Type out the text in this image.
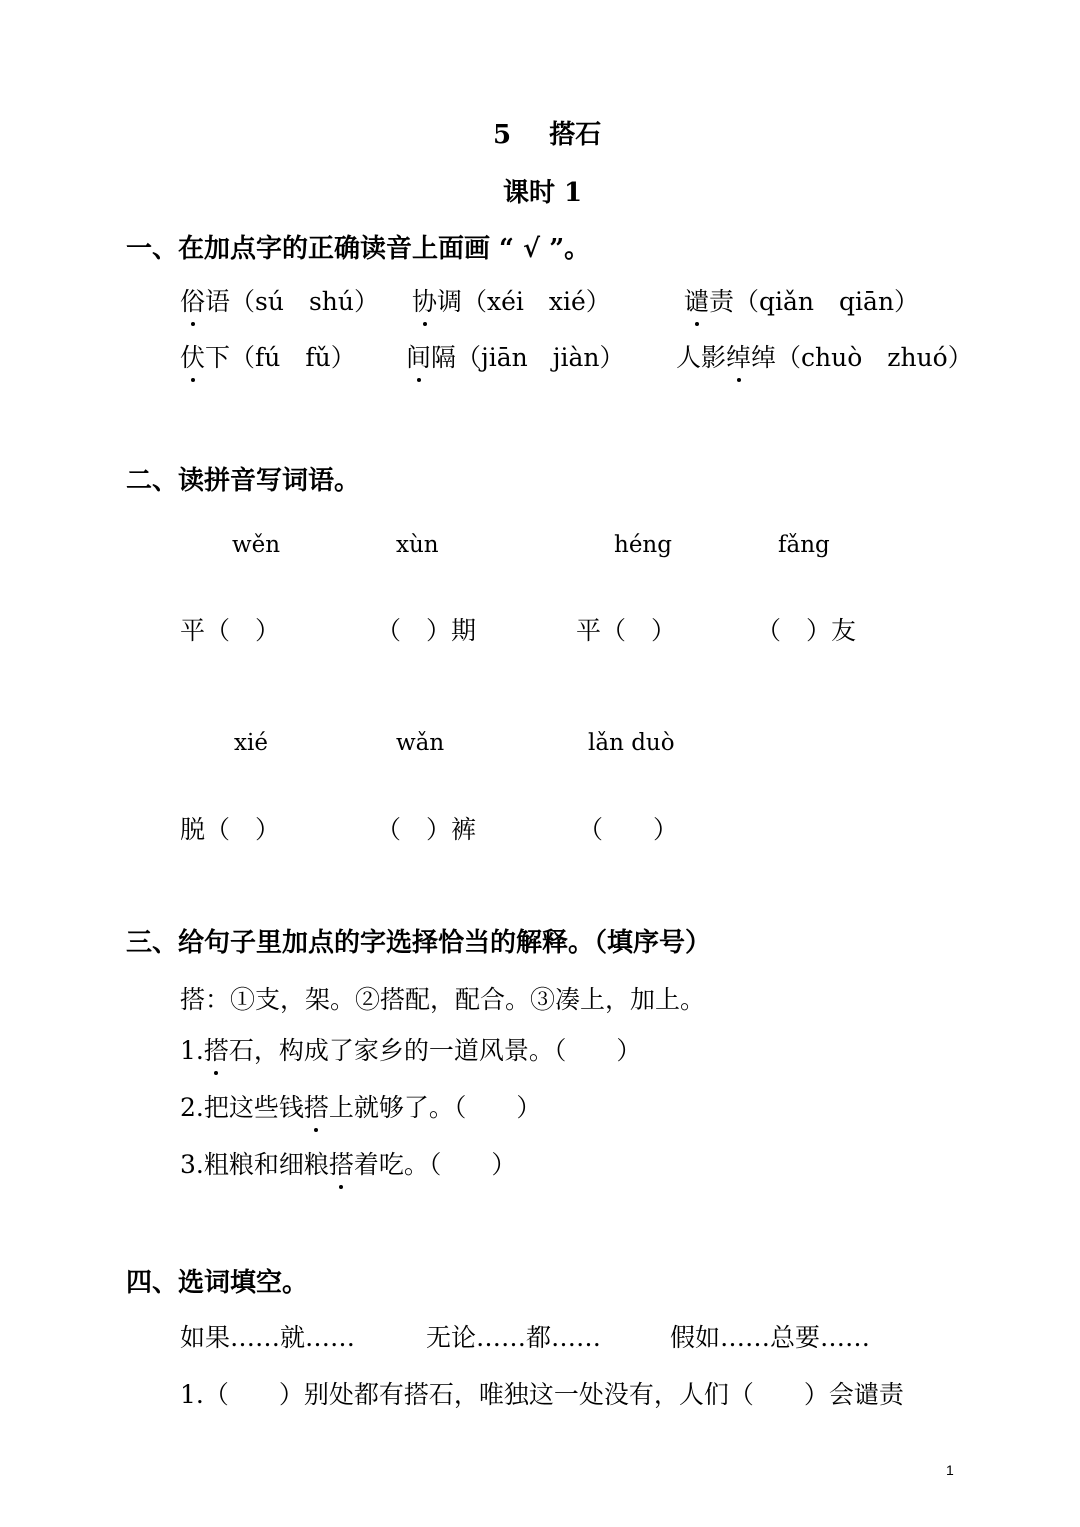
5 搭石
课时 1
一、在加点字的正确读音上面画 “ √ ”。
俗语（sú　shú） 协调（xéi　xié）	谴责（qiǎn　qiān）
伏下（fú　fǔ） 间隔（jiān　jiàn） 人影绰绰（chuò　zhuó）
二、读拼音写词语。
wěn	xùn	héng	fǎng
平（　）	（　）期	平（　）	（　）友
xié	wǎn	lǎn duò
脱（　）	（　）裤	（　　）
三、给句子里加点的字选择恰当的解释。（填序号）
搭：①支，架。②搭配，配合。③凑上，加上。
1.搭石，构成了家乡的一道风景。（　　）
2.把这些钱搭上就够了。（　　）
3.粗粮和细粮搭着吃。（　　）
四、选词填空。
如果……就……	无论……都……	假如……总要……
1.（　　）别处都有搭石，唯独这一处没有，人们（　　）会谴责
1
